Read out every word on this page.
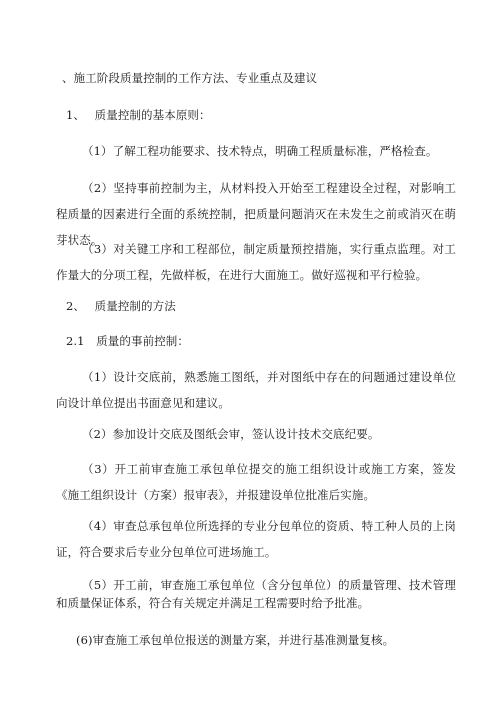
、施工阶段质量控制的工作方法、专业重点及建议
1、　 质量控制的基本原则：
（1）了解工程功能要求、技术特点，明确工程质量标准，严格检查。
（2）坚持事前控制为主，从材料投入开始至工程建设全过程，对影响工程质量的因素进行全面的系统控制，把质量问题消灭在未发生之前或消灭在萌芽状态。
（3）对关键工序和工程部位，制定质量预控措施，实行重点监理。对工作量大的分项工程，先做样板，在进行大面施工。做好巡视和平行检验。
2、　 质量控制的方法
2.1　质量的事前控制：
（1）设计交底前，熟悉施工图纸，并对图纸中存在的问题通过建设单位向设计单位提出书面意见和建议。
（2）参加设计交底及图纸会审，签认设计技术交底纪要。
（3）开工前审查施工承包单位提交的施工组织设计或施工方案，签发《施工组织设计（方案）报审表》，并报建设单位批准后实施。
（4）审查总承包单位所选择的专业分包单位的资质、特工种人员的上岗证，符合要求后专业分包单位可进场施工。
（5）开工前，审查施工承包单位（含分包单位）的质量管理、技术管理和质量保证体系，符合有关规定并满足工程需要时给予批准。
(6)审查施工承包单位报送的测量方案，并进行基准测量复核。
